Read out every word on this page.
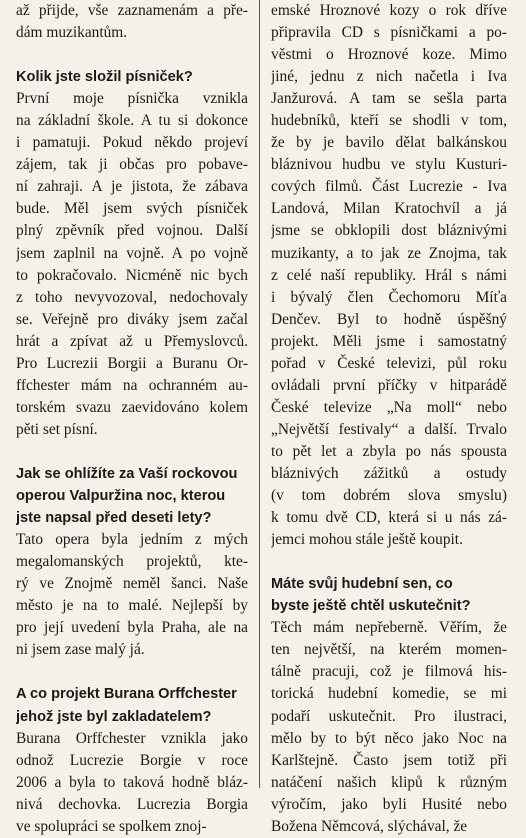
až přijde, vše zaznamenám a pře-
dám muzikantům.
Kolik jste složil písniček?
První moje písnička vznikla
na základní škole. A tu si dokonce
i pamatuji. Pokud někdo projeví
zájem, tak ji občas pro pobave-
ní zahraji. A je jistota, že zábava
bude. Měl jsem svých písniček
plný zpěvník před vojnou. Další
jsem zaplnil na vojně. A po vojně
to pokračovalo. Nicméně nic bych
z toho nevyvozoval, nedochovaly
se. Veřejně pro diváky jsem začal
hrát a zpívat až u Přemyslovců.
Pro Lucrezii Borgii a Buranu Or-
ffchester mám na ochranném au-
torském svazu zaevidováno kolem
pěti set písní.
Jak se ohlížíte za Vaší rockovou
operou Valpuržina noc, kterou
jste napsal před deseti lety?
Tato opera byla jedním z mých
megalomanských projektů, kte-
rý ve Znojmě neměl šanci. Naše
město je na to malé. Nejlepší by
pro její uvedení byla Praha, ale na
ni jsem zase malý já.
A co projekt Burana Orffchester
jehož jste byl zakladatelem?
Burana Orffchester vznikla jako
odnož Lucrezie Borgie v roce
2006 a byla to taková hodně bláz-
nivá dechovka. Lucrezia Borgia
ve spolupráci se spolkem znoj-
emské Hroznové kozy o rok dříve
připravila CD s písničkami a po-
věstmi o Hroznové koze. Mimo
jiné, jednu z nich načetla i Iva
Janžurová. A tam se sešla parta
hudebníků, kteří se shodli v tom,
že by je bavilo dělat balkánskou
bláznivou hudbu ve stylu Kusturi-
cových filmů. Část Lucrezie - Iva
Landová, Milan Kratochvíl a já
jsme se obklopili dost bláznivými
muzikanty, a to jak ze Znojma, tak
z celé naší republiky. Hrál s námi
i bývalý člen Čechomoru Míťa
Denčev. Byl to hodně úspěšný
projekt. Měli jsme i samostatný
pořad v České televizi, půl roku
ovládali první příčky v hitparádě
České televize „Na moll“ nebo
„Největší festivaly“ a další. Trvalo
to pět let a zbyla po nás spousta
bláznivých zážitků a ostudy
(v tom dobrém slova smyslu)
k tomu dvě CD, která si u nás zá-
jemci mohou stále ještě koupit.
Máte svůj hudební sen, co
byste ještě chtěl uskutečnit?
Těch mám nepřeberně. Věřím, že
ten největší, na kterém momen-
tálně pracuji, což je filmová his-
torická hudební komedie, se mi
podaří uskutečnit. Pro ilustraci,
mělo by to být něco jako Noc na
Karlštejně. Často jsem totiž při
natáčení našich klipů k různým
výročím, jako byli Husité nebo
Božena Němcová, slýchával, že
